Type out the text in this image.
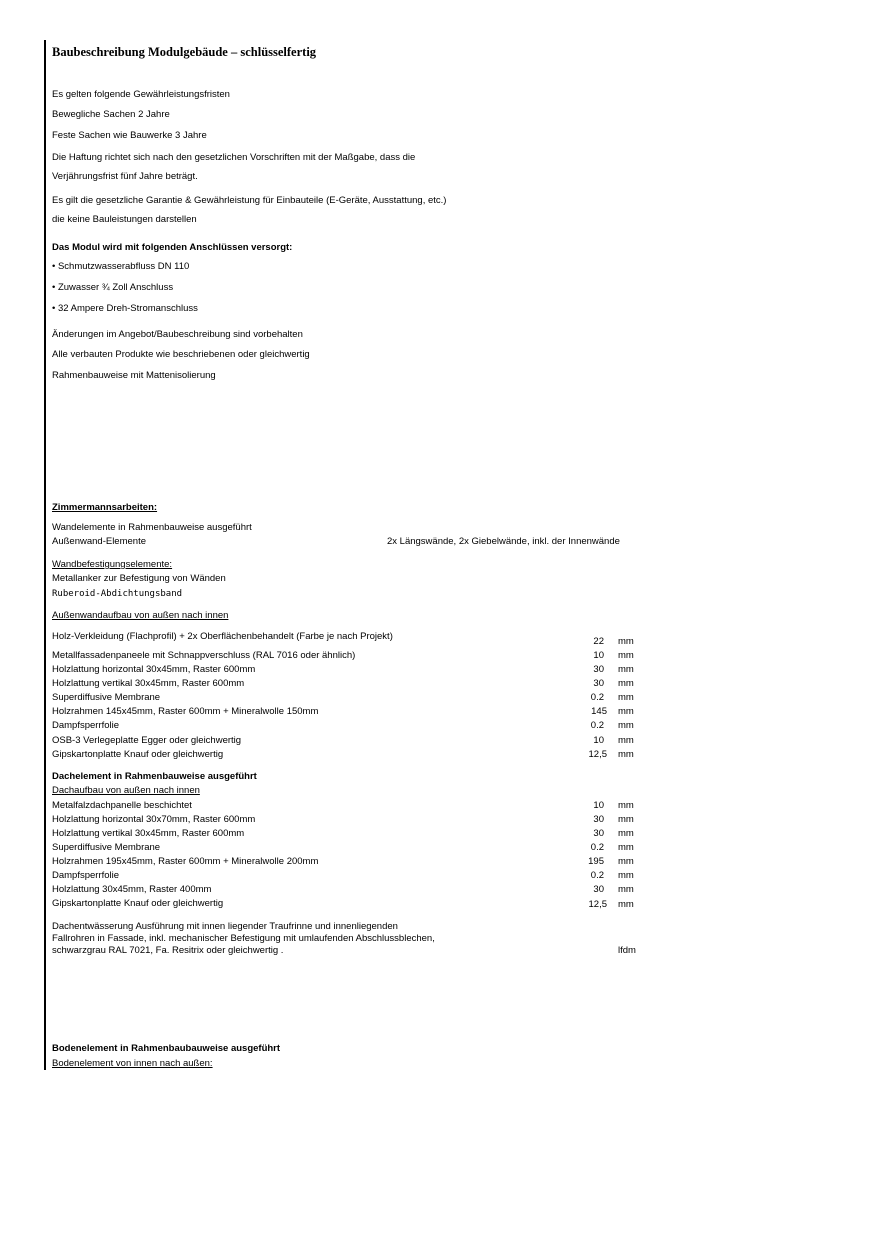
Baubeschreibung Modulgebäude – schlüsselfertig
Es gelten folgende Gewährleistungsfristen
Bewegliche Sachen 2 Jahre
Feste Sachen wie Bauwerke 3 Jahre
Die Haftung richtet sich nach den gesetzlichen Vorschriften mit der Maßgabe, dass die
Verjährungsfrist fünf Jahre beträgt.
Es gilt die gesetzliche Garantie & Gewährleistung für Einbauteile (E-Geräte, Ausstattung, etc.)
die keine Bauleistungen darstellen
Das Modul wird mit folgenden Anschlüssen versorgt:
• Schmutzwasserabfluss DN 110
• Zuwasser ¾ Zoll Anschluss
• 32 Ampere Dreh-Stromanschluss
Änderungen im Angebot/Baubeschreibung sind vorbehalten
Alle verbauten Produkte wie beschriebenen oder gleichwertig
Rahmenbauweise mit Mattenisolierung
Zimmermannsarbeiten:
Wandelemente in Rahmenbauweise ausgeführt
Außenwand-Elemente	2x Längswände, 2x Giebelwände, inkl. der Innenwände
Wandbefestigungselemente:
Metallanker zur Befestigung von Wänden
Ruberoid-Abdichtungsband
Außenwandaufbau von außen nach innen
Holz-Verkleidung (Flachprofil) + 2x Oberflächenbehandelt (Farbe je nach Projekt)	22 mm
Metallfassadenpaneele mit Schnappverschluss (RAL 7016 oder ähnlich)	10 mm
Holzlattung horizontal 30x45mm, Raster 600mm	30 mm
Holzlattung vertikal 30x45mm, Raster 600mm	30 mm
Superdiffusive Membrane	0.2 mm
Holzrahmen 145x45mm, Raster 600mm + Mineralwolle 150mm	145 mm
Dampfsperrfolie	0.2 mm
OSB-3 Verlegeplatte Egger oder gleichwertig	10 mm
Gipskartonplatte Knauf oder gleichwertig	12,5 mm
Dachelement in Rahmenbauweise ausgeführt
Dachaufbau von außen nach innen
Metalfalzdachpanelle beschichtet	10 mm
Holzlattung horizontal 30x70mm, Raster 600mm	30 mm
Holzlattung vertikal 30x45mm, Raster 600mm	30 mm
Superdiffusive Membrane	0.2 mm
Holzrahmen 195x45mm, Raster 600mm + Mineralwolle 200mm	195 mm
Dampfsperrfolie	0.2 mm
Holzlattung 30x45mm, Raster 400mm	30 mm
Gipskartonplatte Knauf oder gleichwertig	12,5 mm
Dachentwässerung Ausführung mit innen liegender Traufrinne und innenliegenden
Fallrohren in Fassade, inkl. mechanischer Befestigung mit umlaufenden Abschlussblechen,
schwarzgrau RAL 7021, Fa. Resitrix oder gleichwertig .	lfdm
Bodenelement in Rahmenbaubauweise ausgeführt
Bodenelement von innen nach außen:
